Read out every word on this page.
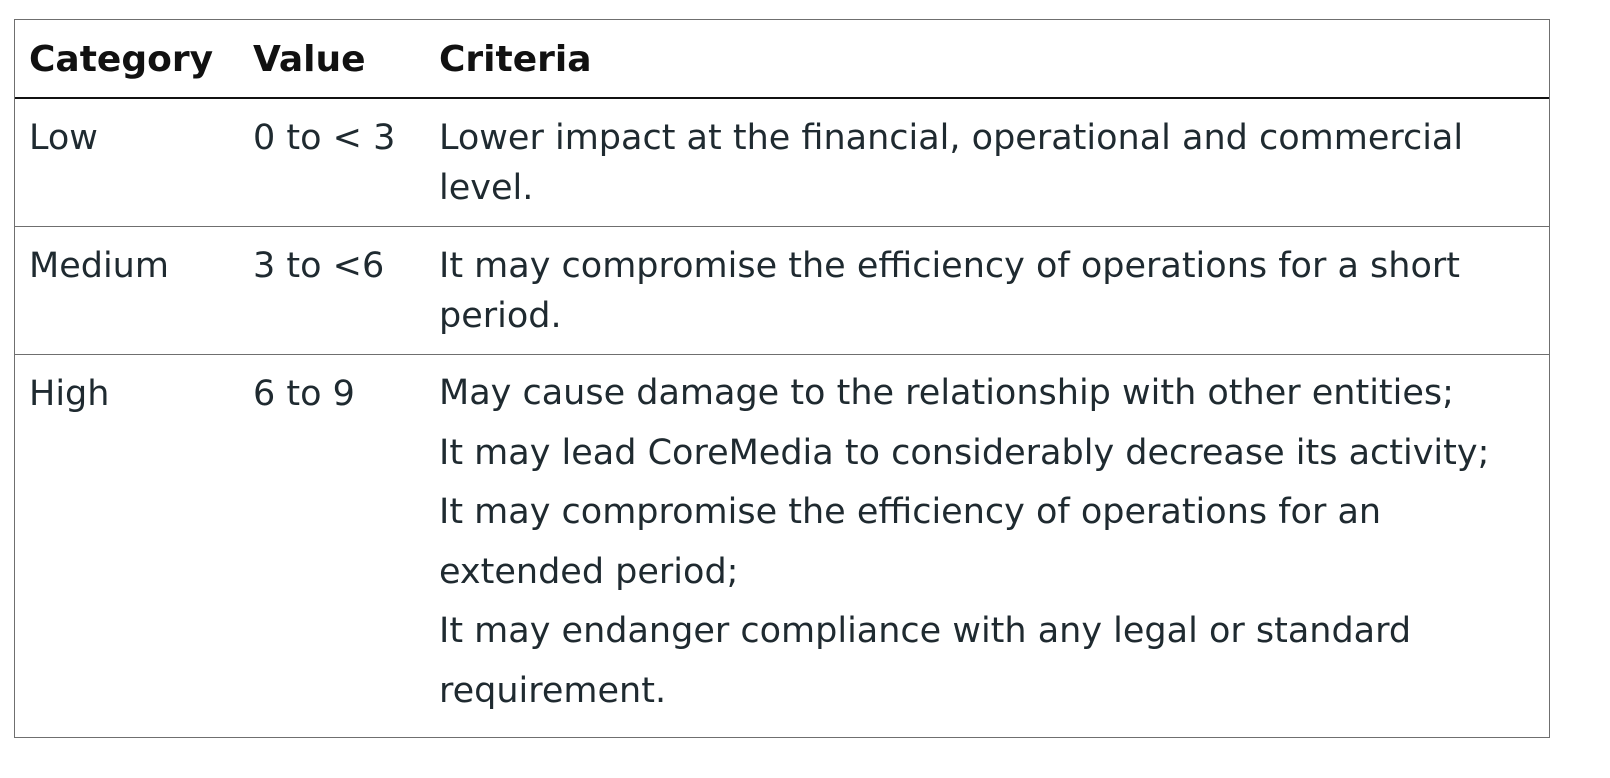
Category Value Criteria
Low	0 to < 3 Lower impact at the financial, operational and commercial level.
Medium 3 to <6 It may compromise the efficiency of operations for a short period.
High	6 to 9 May cause damage to the relationship with other entities;
It may lead CoreMedia to considerably decrease its activity;
It may compromise the efficiency of operations for an extended period;
It may endanger compliance with any legal or standard requirement.
